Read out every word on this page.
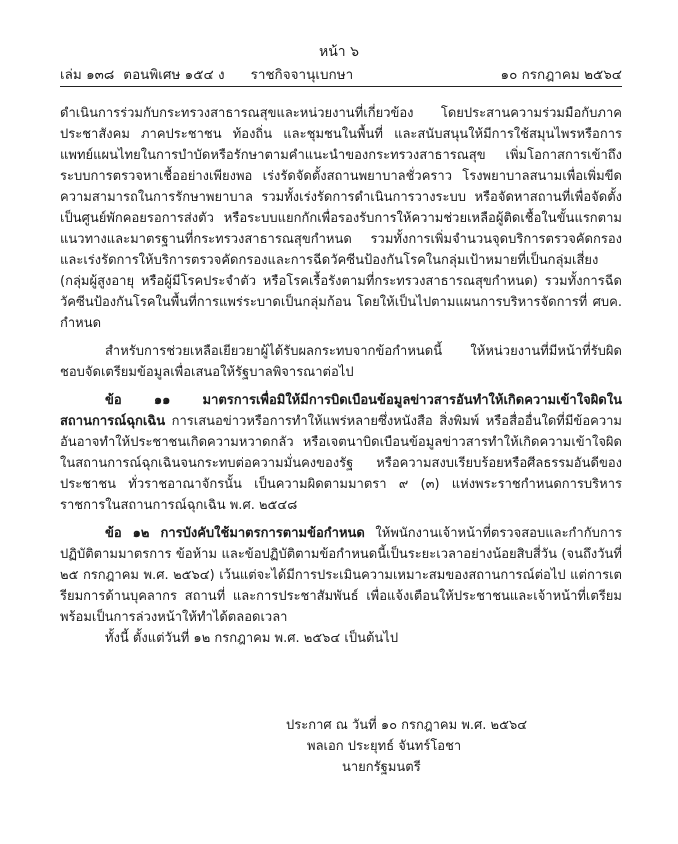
หน้า ๖
เล่ม ๑๓๘ ตอนพิเศษ ๑๕๔ ง ราชกิจจานุเบกษา	๑๐ กรกฎาคม ๒๕๖๔

ดำเนินการร่วมกับกระทรวงสาธารณสุขและหน่วยงานที่เกี่ยวข้อง โดยประสานความร่วมมือกับภาคประชาสังคม ภาคประชาชน ท้องถิ่น และชุมชนในพื้นที่ และสนับสนุนให้มีการใช้สมุนไพรหรือการแพทย์แผนไทยในการบำบัดหรือรักษาตามคำแนะนำของกระทรวงสาธารณสุข เพิ่มโอกาสการเข้าถึงระบบการตรวจหาเชื้ออย่างเพียงพอ เร่งรัดจัดตั้งสถานพยาบาลชั่วคราว โรงพยาบาลสนามเพื่อเพิ่มขีดความสามารถในการรักษาพยาบาล รวมทั้งเร่งรัดการดำเนินการวางระบบ หรือจัดหาสถานที่เพื่อจัดตั้งเป็นศูนย์พักคอยรอการส่งตัว หรือระบบแยกกักเพื่อรองรับการให้ความช่วยเหลือผู้ติดเชื้อในขั้นแรกตามแนวทางและมาตรฐานที่กระทรวงสาธารณสุขกำหนด รวมทั้งการเพิ่มจำนวนจุดบริการตรวจคัดกรองและเร่งรัดการให้บริการตรวจคัดกรองและการฉีดวัคซีนป้องกันโรคในกลุ่มเป้าหมายที่เป็นกลุ่มเสี่ยง (กลุ่มผู้สูงอายุ หรือผู้มีโรคประจำตัว หรือโรคเรื้อรังตามที่กระทรวงสาธารณสุขกำหนด) รวมทั้งการฉีดวัคซีนป้องกันโรคในพื้นที่การแพร่ระบาดเป็นกลุ่มก้อน โดยให้เป็นไปตามแผนการบริหารจัดการที่ ศบค. กำหนด

สำหรับการช่วยเหลือเยียวยาผู้ได้รับผลกระทบจากข้อกำหนดนี้ ให้หน่วยงานที่มีหน้าที่รับผิดชอบจัดเตรียมข้อมูลเพื่อเสนอให้รัฐบาลพิจารณาต่อไป

ข้อ ๑๑ มาตรการเพื่อมิให้มีการบิดเบือนข้อมูลข่าวสารอันทำให้เกิดความเข้าใจผิดในสถานการณ์ฉุกเฉิน การเสนอข่าวหรือการทำให้แพร่หลายซึ่งหนังสือ สิ่งพิมพ์ หรือสื่ออื่นใดที่มีข้อความอันอาจทำให้ประชาชนเกิดความหวาดกลัว หรือเจตนาบิดเบือนข้อมูลข่าวสารทำให้เกิดความเข้าใจผิดในสถานการณ์ฉุกเฉินจนกระทบต่อความมั่นคงของรัฐ หรือความสงบเรียบร้อยหรือศีลธรรมอันดีของประชาชน ทั่วราชอาณาจักรนั้น เป็นความผิดตามมาตรา ๙ (๓) แห่งพระราชกำหนดการบริหารราชการในสถานการณ์ฉุกเฉิน พ.ศ. ๒๕๔๘

ข้อ ๑๒ การบังคับใช้มาตรการตามข้อกำหนด ให้พนักงานเจ้าหน้าที่ตรวจสอบและกำกับการปฏิบัติตามมาตรการ ข้อห้าม และข้อปฏิบัติตามข้อกำหนดนี้เป็นระยะเวลาอย่างน้อยสิบสี่วัน (จนถึงวันที่ ๒๕ กรกฎาคม พ.ศ. ๒๕๖๔) เว้นแต่จะได้มีการประเมินความเหมาะสมของสถานการณ์ต่อไป แต่การเตรียมการด้านบุคลากร สถานที่ และการประชาสัมพันธ์ เพื่อแจ้งเตือนให้ประชาชนและเจ้าหน้าที่เตรียมพร้อมเป็นการล่วงหน้าให้ทำได้ตลอดเวลา

ทั้งนี้ ตั้งแต่วันที่ ๑๒ กรกฎาคม พ.ศ. ๒๕๖๔ เป็นต้นไป

ประกาศ ณ วันที่ ๑๐ กรกฎาคม พ.ศ. ๒๕๖๔
พลเอก ประยุทธ์ จันทร์โอชา
นายกรัฐมนตรี
